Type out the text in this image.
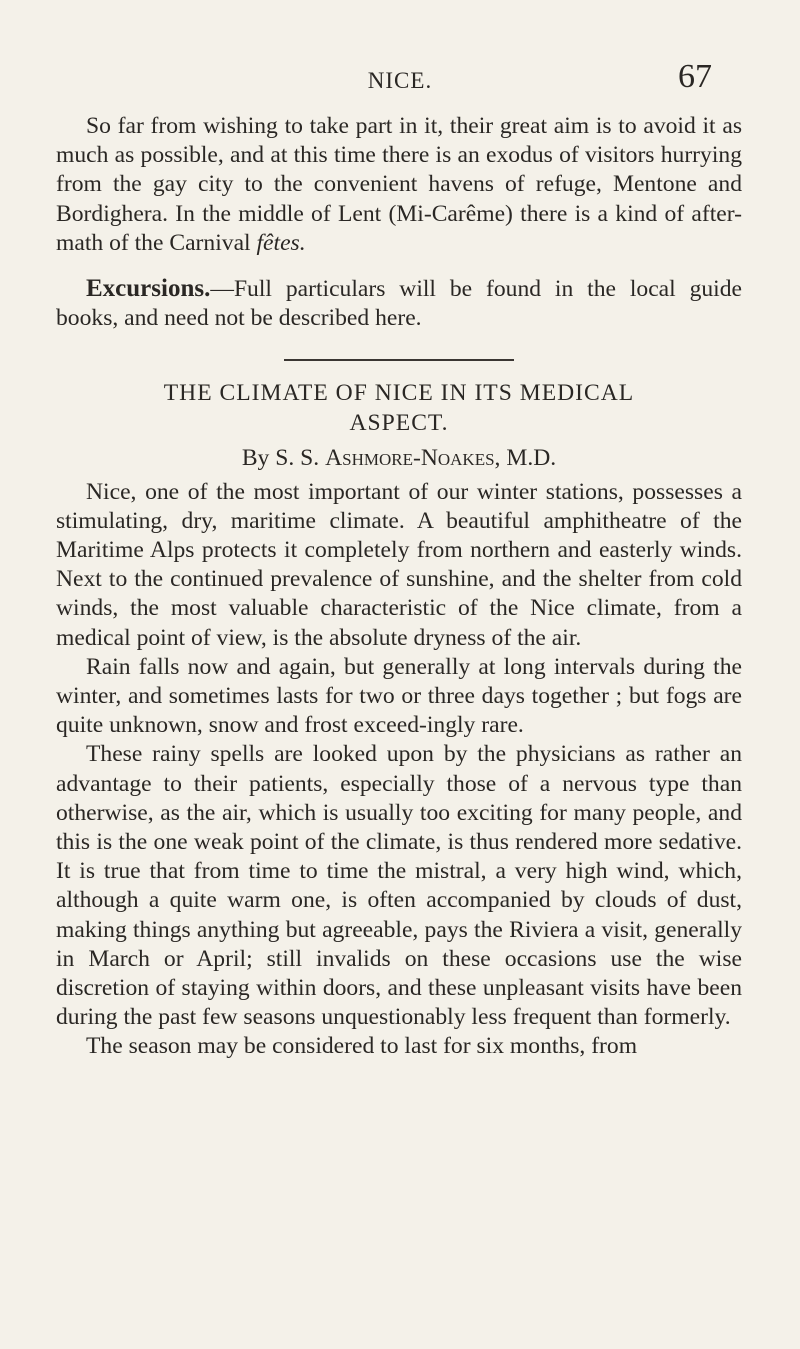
NICE.	67

So far from wishing to take part in it, their great aim is to avoid it as much as possible, and at this time there is an exodus of visitors hurrying from the gay city to the convenient havens of refuge, Mentone and Bordighera. In the middle of Lent (Mi-Carême) there is a kind of after-math of the Carnival fêtes.

Excursions.—Full particulars will be found in the local guide books, and need not be described here.

THE CLIMATE OF NICE IN ITS MEDICAL
ASPECT.
By S. S. Ashmore-Noakes, M.D.

Nice, one of the most important of our winter stations, possesses a stimulating, dry, maritime climate. A beautiful amphitheatre of the Maritime Alps protects it completely from northern and easterly winds. Next to the continued prevalence of sunshine, and the shelter from cold winds, the most valuable characteristic of the Nice climate, from a medical point of view, is the absolute dryness of the air.

Rain falls now and again, but generally at long intervals during the winter, and sometimes lasts for two or three days together ; but fogs are quite unknown, snow and frost exceed-ingly rare.

These rainy spells are looked upon by the physicians as rather an advantage to their patients, especially those of a nervous type than otherwise, as the air, which is usually too exciting for many people, and this is the one weak point of the climate, is thus rendered more sedative. It is true that from time to time the mistral, a very high wind, which, although a quite warm one, is often accompanied by clouds of dust, making things anything but agreeable, pays the Riviera a visit, generally in March or April; still invalids on these occasions use the wise discretion of staying within doors, and these unpleasant visits have been during the past few seasons unquestionably less frequent than formerly.

The season may be considered to last for six months, from
